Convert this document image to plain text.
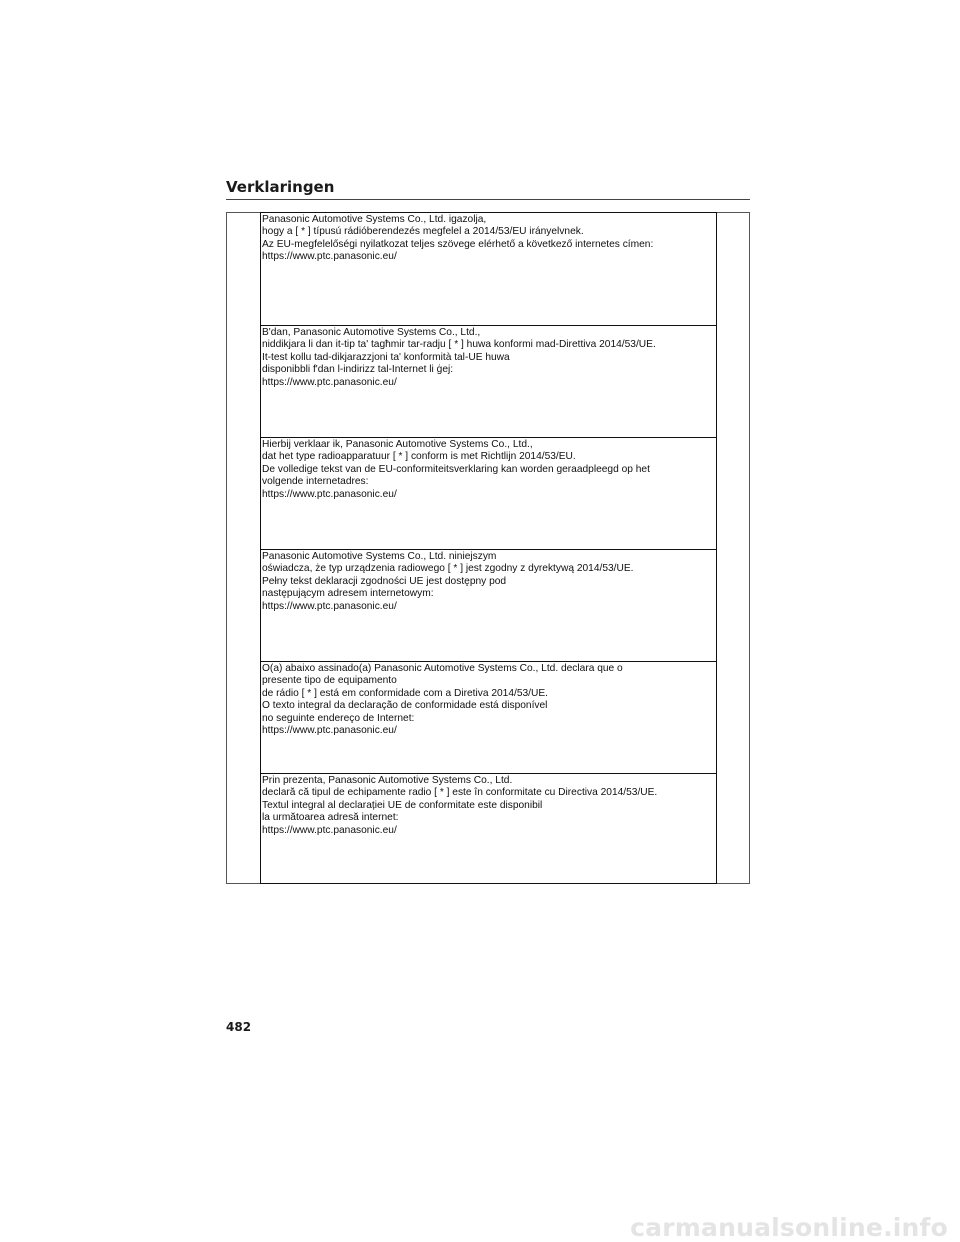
Verklaringen
Panasonic Automotive Systems Co., Ltd. igazolja,
hogy a [ * ] típusú rádióberendezés megfelel a 2014/53/EU irányelvnek.
Az EU-megfelelőségi nyilatkozat teljes szövege elérhető a következő internetes címen:
https://www.ptc.panasonic.eu/
B'dan, Panasonic Automotive Systems Co., Ltd.,
niddikjara li dan it-tip ta' tagħmir tar-radju [ * ] huwa konformi mad-Direttiva 2014/53/UE.
It-test kollu tad-dikjarazzjoni ta' konformità tal-UE huwa
disponibbli f'dan l-indirizz tal-Internet li ġej:
https://www.ptc.panasonic.eu/
Hierbij verklaar ik, Panasonic Automotive Systems Co., Ltd.,
dat het type radioapparatuur [ * ] conform is met Richtlijn 2014/53/EU.
De volledige tekst van de EU-conformiteitsverklaring kan worden geraadpleegd op het
volgende internetadres:
https://www.ptc.panasonic.eu/
Panasonic Automotive Systems Co., Ltd. niniejszym
oświadcza, że typ urządzenia radiowego [ * ] jest zgodny z dyrektywą 2014/53/UE.
Pełny tekst deklaracji zgodności UE jest dostępny pod
następującym adresem internetowym:
https://www.ptc.panasonic.eu/
O(a) abaixo assinado(a) Panasonic Automotive Systems Co., Ltd. declara que o
presente tipo de equipamento
de rádio [ * ] está em conformidade com a Diretiva 2014/53/UE.
O texto integral da declaração de conformidade está disponível
no seguinte endereço de Internet:
https://www.ptc.panasonic.eu/
Prin prezenta, Panasonic Automotive Systems Co., Ltd.
declară că tipul de echipamente radio [ * ] este în conformitate cu Directiva 2014/53/UE.
Textul integral al declarației UE de conformitate este disponibil
la următoarea adresă internet:
https://www.ptc.panasonic.eu/
482
carmanualsonline.info
